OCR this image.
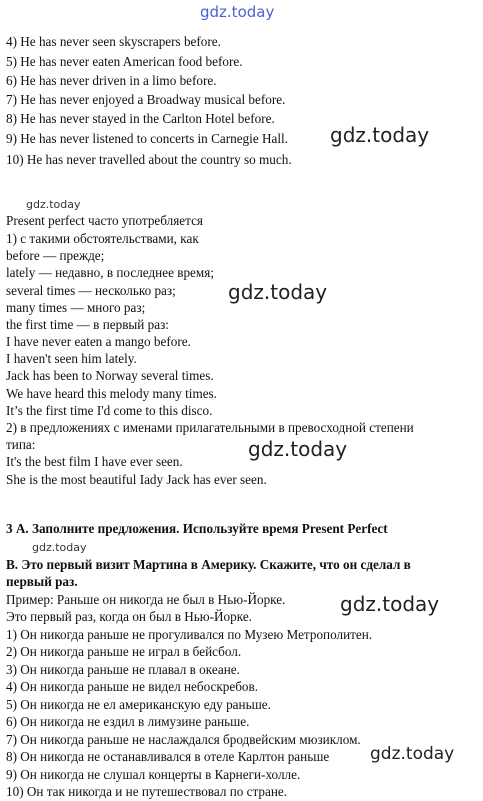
gdz.today
gdz.today
gdz.today
gdz.today
gdz.today
gdz.today
gdz.today
gdz.today
4) He has never seen skyscrapers before.
5) He has never eaten American food before.
6) He has never driven in a limo before.
7) He has never enjoyed a Broadway musical before.
8) He has never stayed in the Carlton Hotel before.
9) He has never listened to concerts in Carnegie Hall.
10) He has never travelled about the country so much.
Present perfect часто употребляется
1) с такими обстоятельствами, как
before — прежде;
lately — недавно, в последнее время;
several times — несколько раз;
many times — много раз;
the first time — в первый раз:
I have never eaten a mango before.
I haven't seen him lately.
Jack has been to Norway several times.
We have heard this melody many times.
It’s the first time I'd come to this disco.
2) в предложениях с именами прилагательными в превосходной степени
типа:
It's the best film I have ever seen.
She is the most beautiful Iady Jack has ever seen.
3 А. Заполните предложения. Используйте время Present Perfect
B. Это первый визит Мартина в Америку. Скажите, что он сделал в
первый раз.
Пример: Раньше он никогда не был в Нью-Йорке.
Это первый раз, когда он был в Нью-Йорке.
1) Он никогда раньше не прогуливался по Музею Метрополитен.
2) Он никогда раньше не играл в бейсбол.
3) Он никогда раньше не плавал в океане.
4) Он никогда раньше не видел небоскребов.
5) Он никогда не ел американскую еду раньше.
6) Он никогда не ездил в лимузине раньше.
7) Он никогда раньше не наслаждался бродвейским мюзиклом.
8) Он никогда не останавливался в отеле Карлтон раньше
9) Он никогда не слушал концерты в Карнеги-холле.
10) Он так никогда и не путешествовал по стране.
